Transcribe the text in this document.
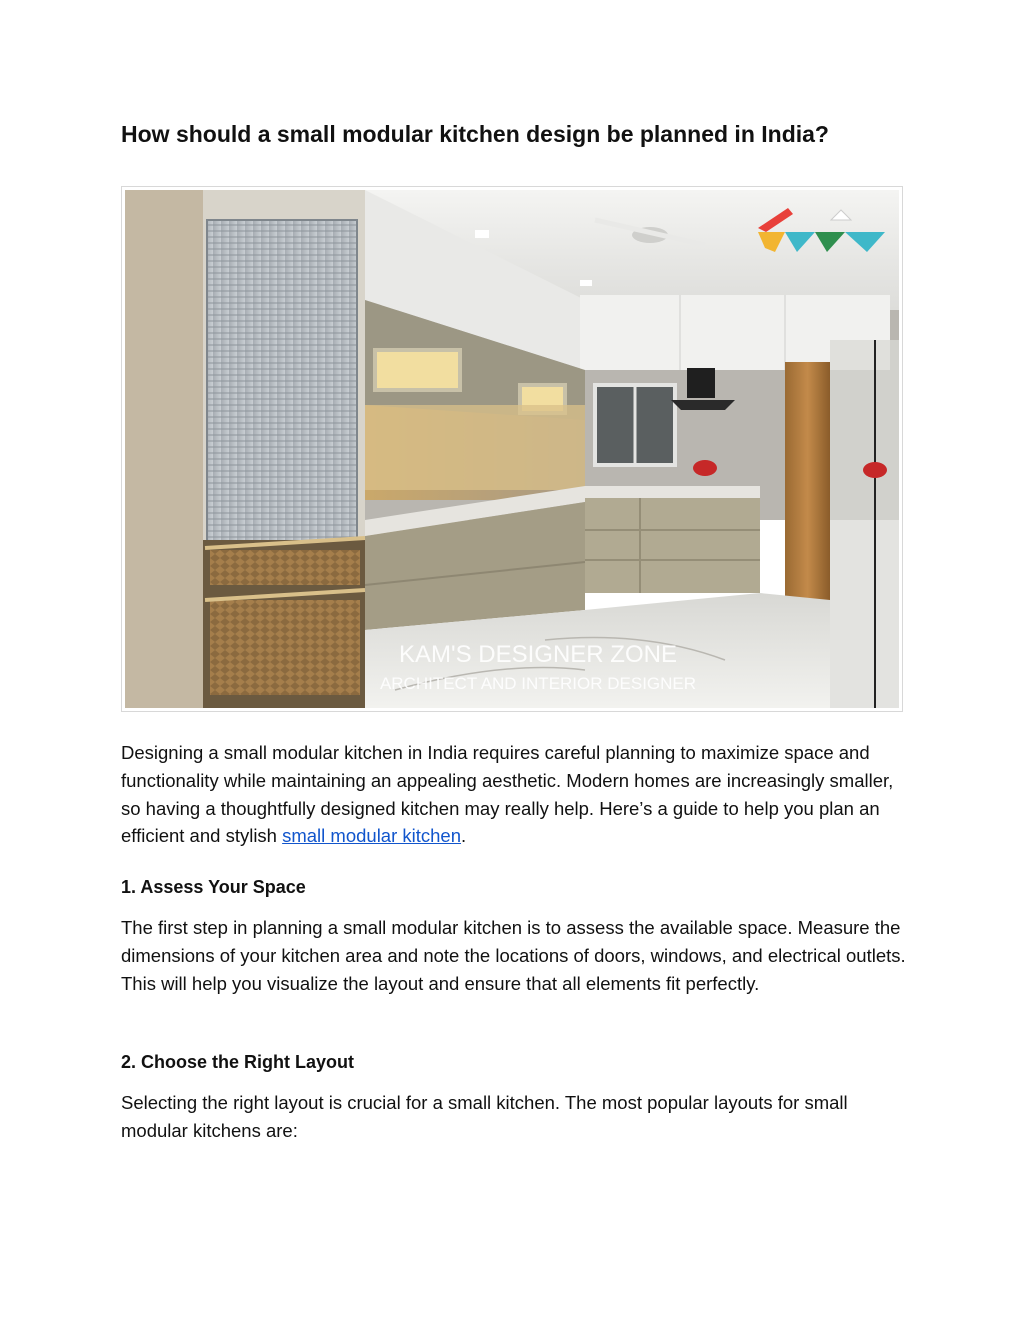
How should a small modular kitchen design be planned in India?
KAM'S DESIGNER ZONE
ARCHITECT AND INTERIOR DESIGNER

Designing a small modular kitchen in India requires careful planning to maximize space and functionality while maintaining an appealing aesthetic. Modern homes are increasingly smaller, so having a thoughtfully designed kitchen may really help. Here’s a guide to help you plan an efficient and stylish small modular kitchen.

1. Assess Your Space

The first step in planning a small modular kitchen is to assess the available space. Measure the dimensions of your kitchen area and note the locations of doors, windows, and electrical outlets. This will help you visualize the layout and ensure that all elements fit perfectly.

2. Choose the Right Layout

Selecting the right layout is crucial for a small kitchen. The most popular layouts for small modular kitchens are:
